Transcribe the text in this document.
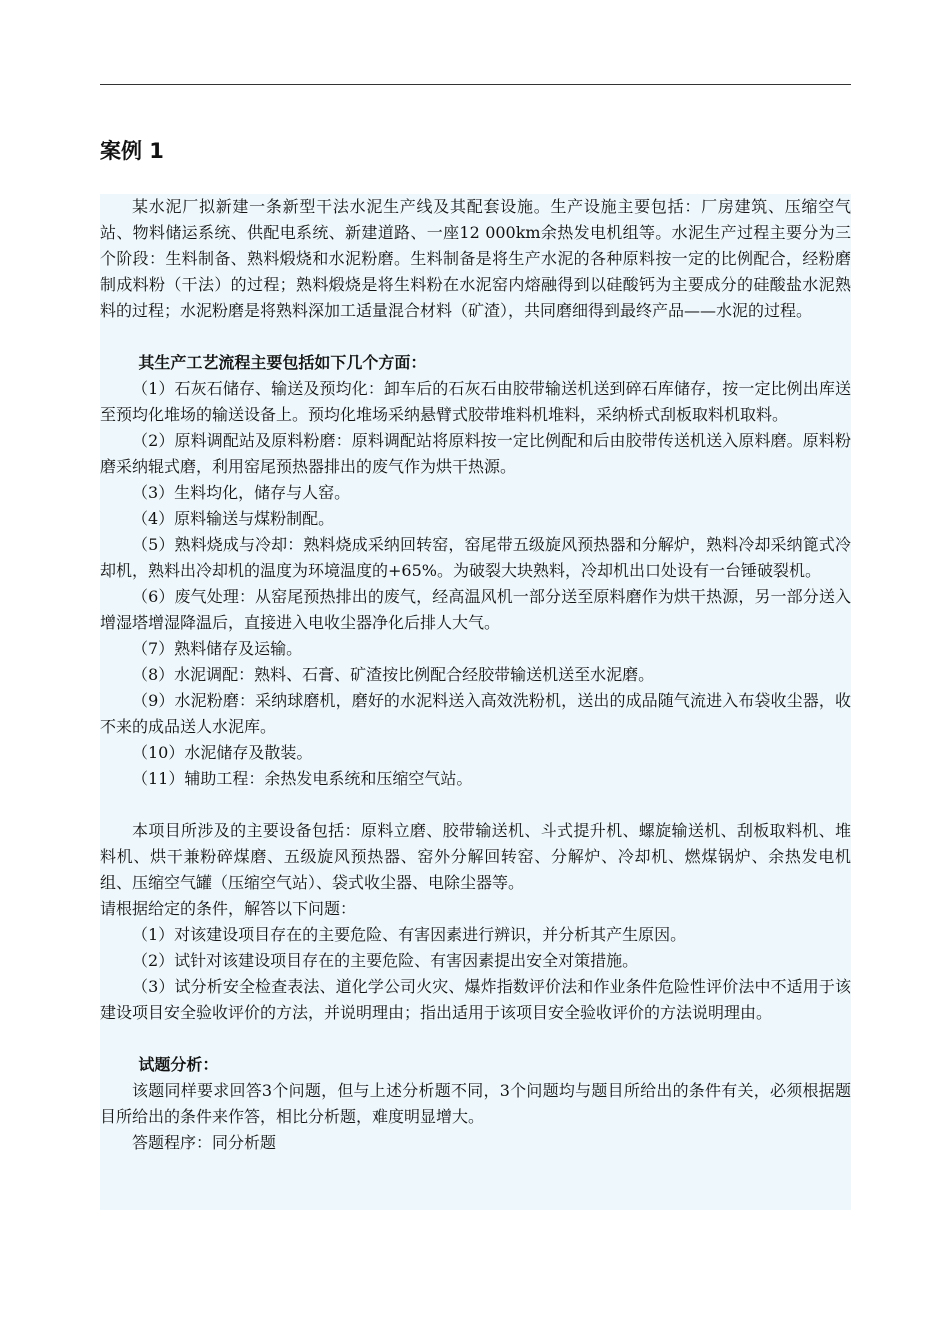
案例 1

某水泥厂拟新建一条新型干法水泥生产线及其配套设施。生产设施主要包括：厂房建筑、压缩空气站、物料储运系统、供配电系统、新建道路、一座12 000km余热发电机组等。水泥生产过程主要分为三个阶段：生料制备、熟料煅烧和水泥粉磨。生料制备是将生产水泥的各种原料按一定的比例配合，经粉磨制成料粉（干法）的过程；熟料煅烧是将生料粉在水泥窑内熔融得到以硅酸钙为主要成分的硅酸盐水泥熟料的过程；水泥粉磨是将熟料深加工适量混合材料（矿渣），共同磨细得到最终产品——水泥的过程。

其生产工艺流程主要包括如下几个方面：

（1）石灰石储存、输送及预均化：卸车后的石灰石由胶带输送机送到碎石库储存，按一定比例出库送至预均化堆场的输送设备上。预均化堆场采纳悬臂式胶带堆料机堆料，采纳桥式刮板取料机取料。

（2）原料调配站及原料粉磨：原料调配站将原料按一定比例配和后由胶带传送机送入原料磨。原料粉磨采纳辊式磨，利用窑尾预热器排出的废气作为烘干热源。

（3）生料均化，储存与人窑。

（4）原料输送与煤粉制配。

（5）熟料烧成与冷却：熟料烧成采纳回转窑，窑尾带五级旋风预热器和分解炉，熟料冷却采纳篦式冷却机，熟料出冷却机的温度为环境温度的+65%。为破裂大块熟料，冷却机出口处设有一台锤破裂机。

（6）废气处理：从窑尾预热排出的废气，经高温风机一部分送至原料磨作为烘干热源，另一部分送入增湿塔增湿降温后，直接进入电收尘器净化后排人大气。

（7）熟料储存及运输。

（8）水泥调配：熟料、石膏、矿渣按比例配合经胶带输送机送至水泥磨。

（9）水泥粉磨：采纳球磨机，磨好的水泥料送入高效洗粉机，送出的成品随气流进入布袋收尘器，收不来的成品送人水泥库。

（10）水泥储存及散装。

（11）辅助工程：余热发电系统和压缩空气站。

本项目所涉及的主要设备包括：原料立磨、胶带输送机、斗式提升机、螺旋输送机、刮板取料机、堆料机、烘干兼粉碎煤磨、五级旋风预热器、窑外分解回转窑、分解炉、冷却机、燃煤锅炉、余热发电机组、压缩空气罐（压缩空气站）、袋式收尘器、电除尘器等。

请根据给定的条件，解答以下问题：

（1）对该建设项目存在的主要危险、有害因素进行辨识，并分析其产生原因。

（2）试针对该建设项目存在的主要危险、有害因素提出安全对策措施。

（3）试分析安全检查表法、道化学公司火灾、爆炸指数评价法和作业条件危险性评价法中不适用于该建设项目安全验收评价的方法，并说明理由；指出适用于该项目安全验收评价的方法说明理由。

试题分析：

该题同样要求回答3个问题，但与上述分析题不同，3个问题均与题目所给出的条件有关，必须根据题目所给出的条件来作答，相比分析题，难度明显增大。

答题程序：同分析题
